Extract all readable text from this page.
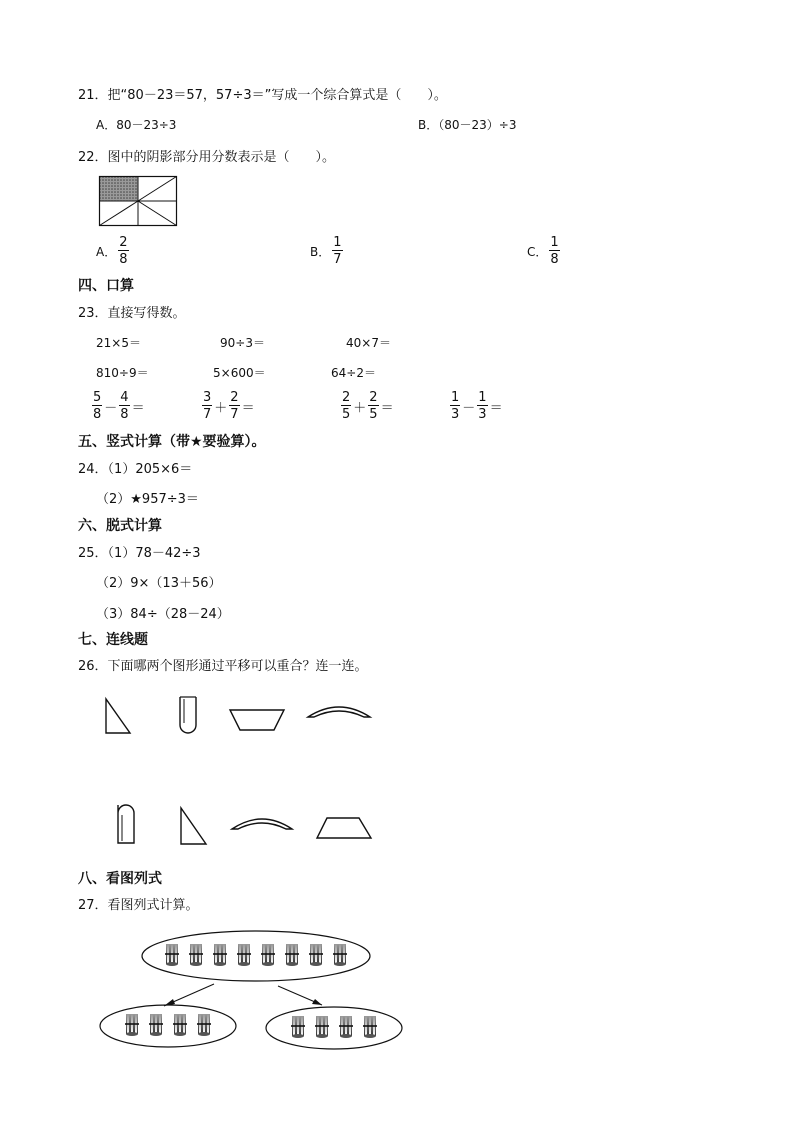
21．把“80－23＝57，57÷3＝”写成一个综合算式是（　　）。
A．80－23÷3	B．（80－23）÷3
22．图中的阴影部分用分数表示是（　　）。
A． $\frac{2}{8}$	B． $\frac{1}{7}$	C． $\frac{1}{8}$
四、口算
23．直接写得数。
21×5＝	90÷3＝	40×7＝
810÷9＝	5×600＝	64÷2＝
$\frac{5}{8} - \frac{4}{8}$ ＝	$\frac{3}{7} + \frac{2}{7}$ ＝	$\frac{2}{5} + \frac{2}{5}$ ＝	$\frac{1}{3} - \frac{1}{3}$ ＝
五、竖式计算（带★要验算）。
24．（1）205×6＝
（2）★957÷3＝
六、脱式计算
25．（1）78－42÷3
（2）9×（13＋56）
（3）84÷（28－24）
七、连线题
26．下面哪两个图形通过平移可以重合？连一连。
八、看图列式
27．看图列式计算。
